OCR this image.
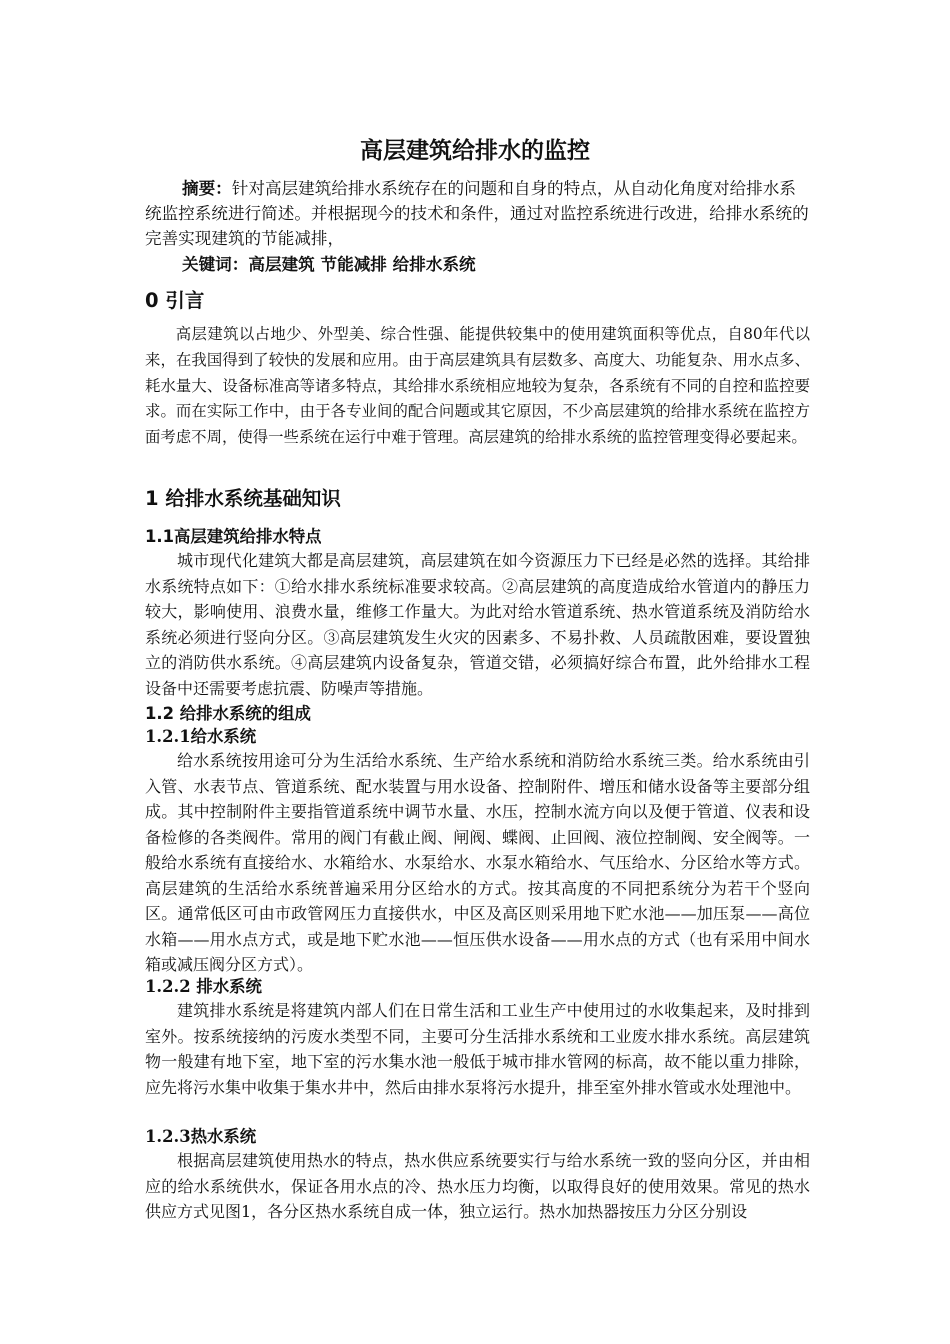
高层建筑给排水的监控

摘要：针对高层建筑给排水系统存在的问题和自身的特点，从自动化角度对给排水系统监控系统进行简述。并根据现今的技术和条件，通过对监控系统进行改进，给排水系统的完善实现建筑的节能减排，

关键词：高层建筑 节能减排 给排水系统

0 引言

高层建筑以占地少、外型美、综合性强、能提供较集中的使用建筑面积等优点，自80年代以来，在我国得到了较快的发展和应用。由于高层建筑具有层数多、高度大、功能复杂、用水点多、耗水量大、设备标准高等诸多特点，其给排水系统相应地较为复杂，各系统有不同的自控和监控要求。而在实际工作中，由于各专业间的配合问题或其它原因，不少高层建筑的给排水系统在监控方面考虑不周，使得一些系统在运行中难于管理。高层建筑的给排水系统的监控管理变得必要起来。

1 给排水系统基础知识
1.1高层建筑给排水特点

城市现代化建筑大都是高层建筑，高层建筑在如今资源压力下已经是必然的选择。其给排水系统特点如下：①给水排水系统标准要求较高。②高层建筑的高度造成给水管道内的静压力较大，影响使用、浪费水量，维修工作量大。为此对给水管道系统、热水管道系统及消防给水系统必须进行竖向分区。③高层建筑发生火灾的因素多、不易扑救、人员疏散困难，要设置独立的消防供水系统。④高层建筑内设备复杂，管道交错，必须搞好综合布置，此外给排水工程设备中还需要考虑抗震、防噪声等措施。

1.2 给排水系统的组成
1.2.1给水系统

给水系统按用途可分为生活给水系统、生产给水系统和消防给水系统三类。给水系统由引入管、水表节点、管道系统、配水装置与用水设备、控制附件、增压和储水设备等主要部分组成。其中控制附件主要指管道系统中调节水量、水压，控制水流方向以及便于管道、仪表和设备检修的各类阀件。常用的阀门有截止阀、闸阀、蝶阀、止回阀、液位控制阀、安全阀等。一般给水系统有直接给水、水箱给水、水泵给水、水泵水箱给水、气压给水、分区给水等方式。高层建筑的生活给水系统普遍采用分区给水的方式。按其高度的不同把系统分为若干个竖向区。通常低区可由市政管网压力直接供水，中区及高区则采用地下贮水池——加压泵——高位水箱——用水点方式，或是地下贮水池——恒压供水设备——用水点的方式（也有采用中间水箱或减压阀分区方式）。

1.2.2 排水系统

建筑排水系统是将建筑内部人们在日常生活和工业生产中使用过的水收集起来，及时排到室外。按系统接纳的污废水类型不同，主要可分生活排水系统和工业废水排水系统。高层建筑物一般建有地下室，地下室的污水集水池一般低于城市排水管网的标高，故不能以重力排除，应先将污水集中收集于集水井中，然后由排水泵将污水提升，排至室外排水管或水处理池中。

1.2.3热水系统

根据高层建筑使用热水的特点，热水供应系统要实行与给水系统一致的竖向分区，并由相应的给水系统供水，保证各用水点的冷、热水压力均衡，以取得良好的使用效果。常见的热水供应方式见图1，各分区热水系统自成一体，独立运行。热水加热器按压力分区分别设
